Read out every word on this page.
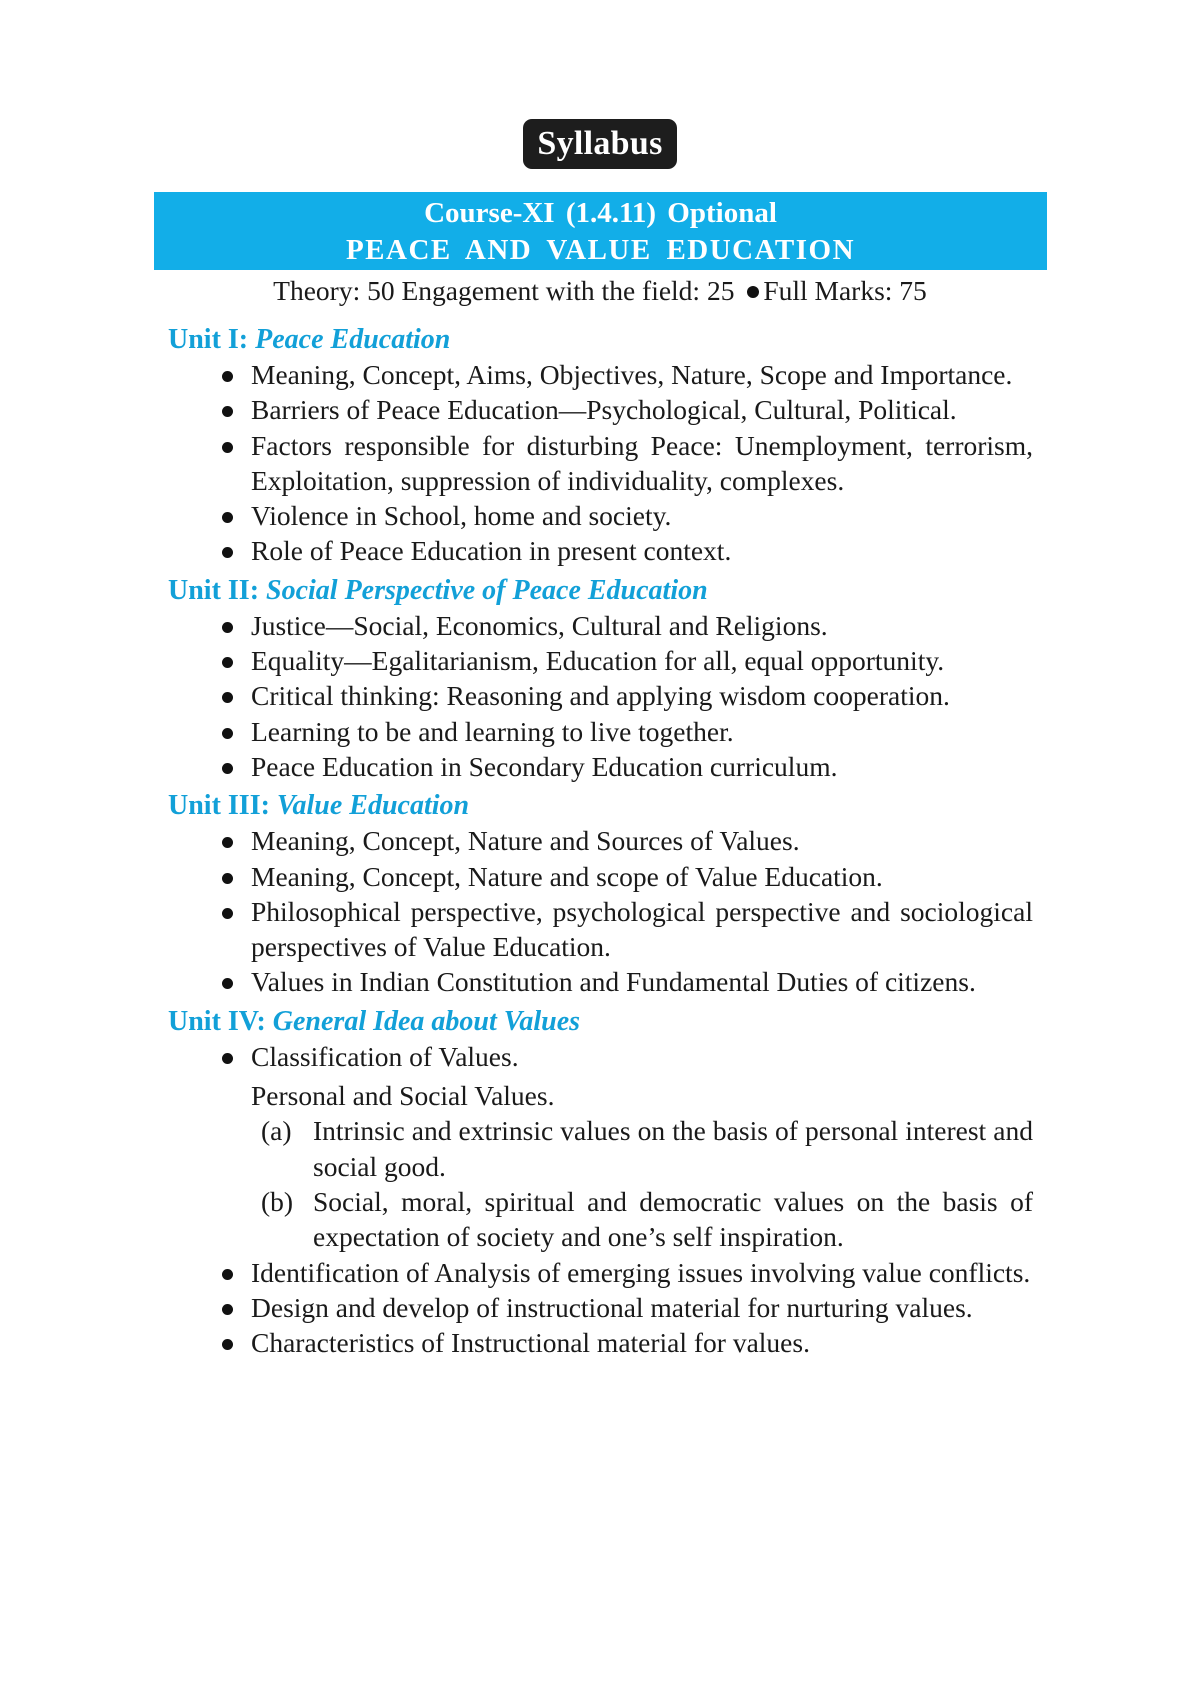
Syllabus
Course-XI (1.4.11) Optional
PEACE AND VALUE EDUCATION
Theory: 50 Engagement with the field: 25 Full Marks: 75
Unit I: Peace Education
Meaning, Concept, Aims, Objectives, Nature, Scope and Importance.
Barriers of Peace Education—Psychological, Cultural, Political.
Factors responsible for disturbing Peace: Unemployment, terrorism, Exploitation, suppression of individuality, complexes.
Violence in School, home and society.
Role of Peace Education in present context.
Unit II: Social Perspective of Peace Education
Justice—Social, Economics, Cultural and Religions.
Equality—Egalitarianism, Education for all, equal opportunity.
Critical thinking: Reasoning and applying wisdom cooperation.
Learning to be and learning to live together.
Peace Education in Secondary Education curriculum.
Unit III: Value Education
Meaning, Concept, Nature and Sources of Values.
Meaning, Concept, Nature and scope of Value Education.
Philosophical perspective, psychological perspective and sociological perspectives of Value Education.
Values in Indian Constitution and Fundamental Duties of citizens.
Unit IV: General Idea about Values
Classification of Values.
Personal and Social Values.
(a) Intrinsic and extrinsic values on the basis of personal interest and social good.
(b) Social, moral, spiritual and democratic values on the basis of expectation of society and one’s self inspiration.
Identification of Analysis of emerging issues involving value conflicts.
Design and develop of instructional material for nurturing values.
Characteristics of Instructional material for values.
